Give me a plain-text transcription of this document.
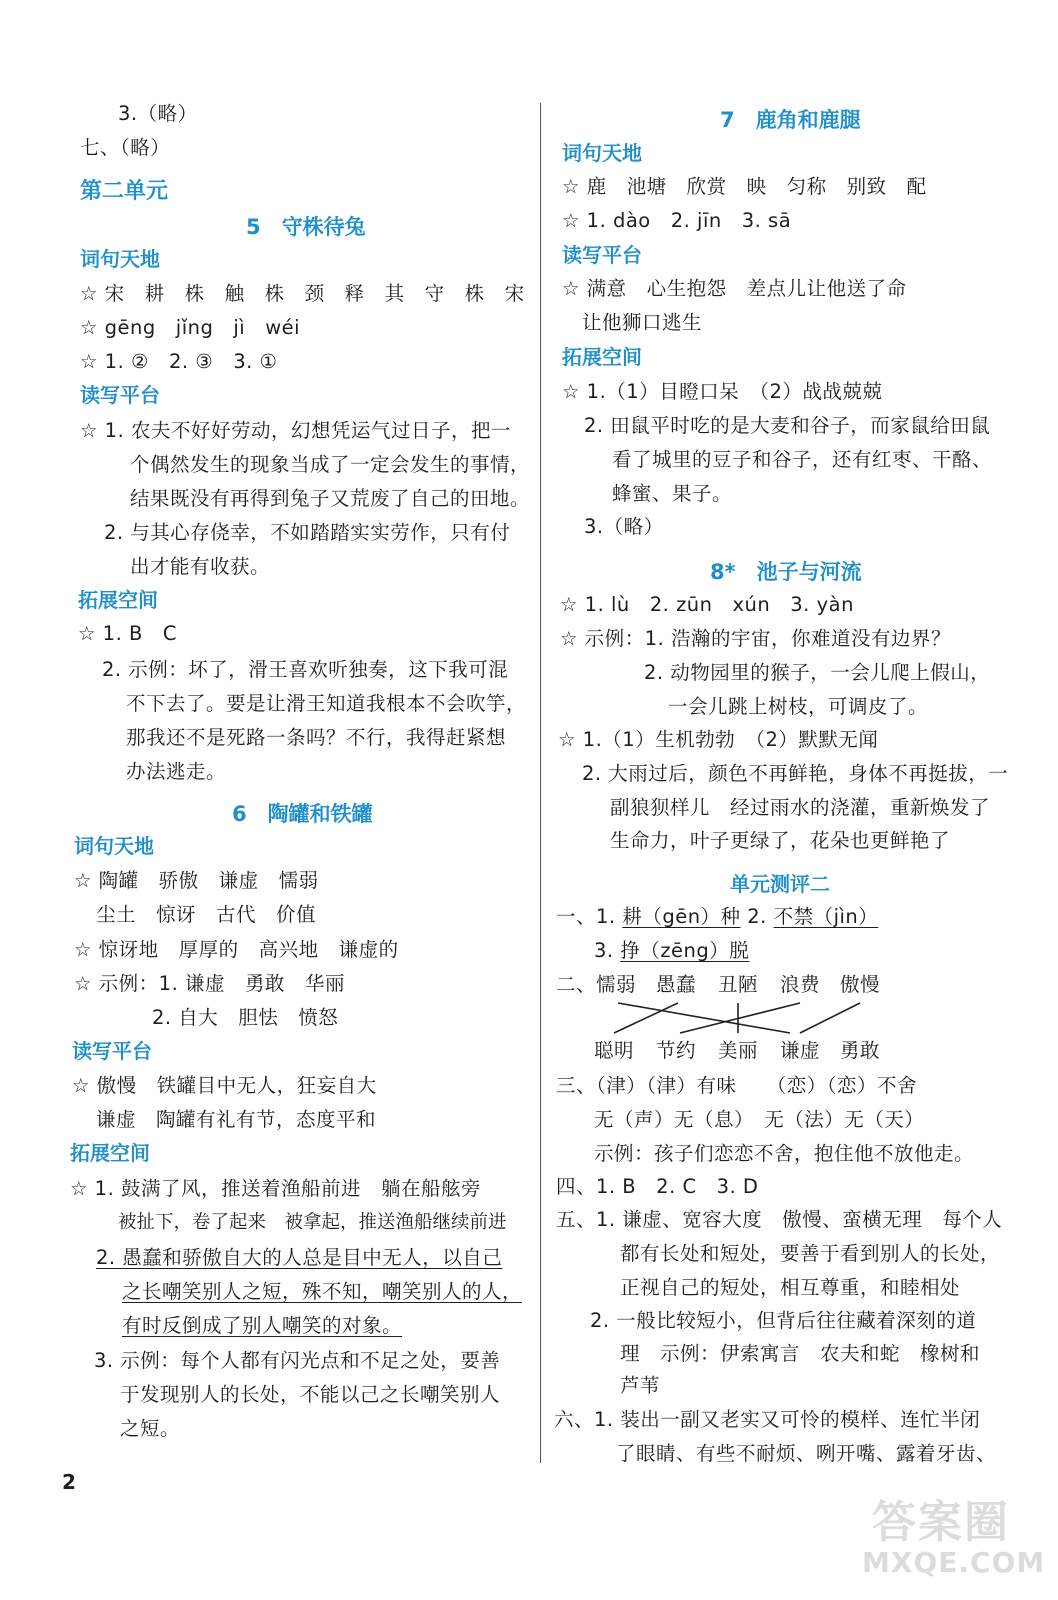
3.（略）
七、（略）
第二单元
5　守株待兔
词句天地
☆ 宋　耕　株　触　株　颈　释　其　守　株　宋
☆ gēng　jǐng　jì　wéi
☆ 1. ②　2. ③　3. ①
读写平台
☆ 1. 农夫不好好劳动，幻想凭运气过日子，把一
个偶然发生的现象当成了一定会发生的事情，
结果既没有再得到兔子又荒废了自己的田地。
2. 与其心存侥幸，不如踏踏实实劳作，只有付
出才能有收获。
拓展空间
☆ 1. B　C
2. 示例：坏了，滑王喜欢听独奏，这下我可混
不下去了。要是让滑王知道我根本不会吹竽，
那我还不是死路一条吗？不行，我得赶紧想
办法逃走。
6　陶罐和铁罐
词句天地
☆ 陶罐　骄傲　谦虚　懦弱
尘土　惊讶　古代　价值
☆ 惊讶地　厚厚的　高兴地　谦虚的
☆ 示例：1. 谦虚　勇敢　华丽
2. 自大　胆怯　愤怒
读写平台
☆ 傲慢　铁罐目中无人，狂妄自大
谦虚　陶罐有礼有节，态度平和
拓展空间
☆ 1. 鼓满了风，推送着渔船前进　躺在船舷旁
被扯下，卷了起来　被拿起，推送渔船继续前进
2. 愚蠢和骄傲自大的人总是目中无人，以自己
之长嘲笑别人之短，殊不知，嘲笑别人的人，
有时反倒成了别人嘲笑的对象。
3. 示例：每个人都有闪光点和不足之处，要善
于发现别人的长处，不能以己之长嘲笑别人
之短。
7　鹿角和鹿腿
词句天地
☆ 鹿　池塘　欣赏　映　匀称　别致　配
☆ 1. dào　2. jīn　3. sā
读写平台
☆ 满意　心生抱怨　差点儿让他送了命
让他狮口逃生
拓展空间
☆ 1.（1）目瞪口呆　（2）战战兢兢
2. 田鼠平时吃的是大麦和谷子，而家鼠给田鼠
看了城里的豆子和谷子，还有红枣、干酪、
蜂蜜、果子。
3.（略）
8*　池子与河流
☆ 1. lù　2. zūn　xún　3. yàn
☆ 示例：1. 浩瀚的宇宙，你难道没有边界？
2. 动物园里的猴子，一会儿爬上假山，
一会儿跳上树枝，可调皮了。
☆ 1.（1）生机勃勃　（2）默默无闻
2. 大雨过后，颜色不再鲜艳，身体不再挺拔，一
副狼狈样儿　经过雨水的浇灌，重新焕发了
生命力，叶子更绿了，花朵也更鲜艳了
单元测评二
一、1. 耕（gēn）种 2. 不禁（jìn）
3. 挣（zēng）脱
二、 懦弱 愚蠢 丑陋 浪费 傲慢
聪明 节约 美丽 谦虚 勇敢
三、（津）（津）有味　　（恋）（恋）不舍
无（声）无（息）　无（法）无（天）
示例：孩子们恋恋不舍，抱住他不放他走。
四、1. B　2. C　3. D
五、1. 谦虚、宽容大度　傲慢、蛮横无理　每个人
都有长处和短处，要善于看到别人的长处，
正视自己的短处，相互尊重，和睦相处
2. 一般比较短小，但背后往往藏着深刻的道
理　示例：伊索寓言　农夫和蛇　橡树和
芦苇
六、1. 装出一副又老实又可怜的模样、连忙半闭
了眼睛、有些不耐烦、咧开嘴、露着牙齿、
2
答案圈
MXQE.COM
